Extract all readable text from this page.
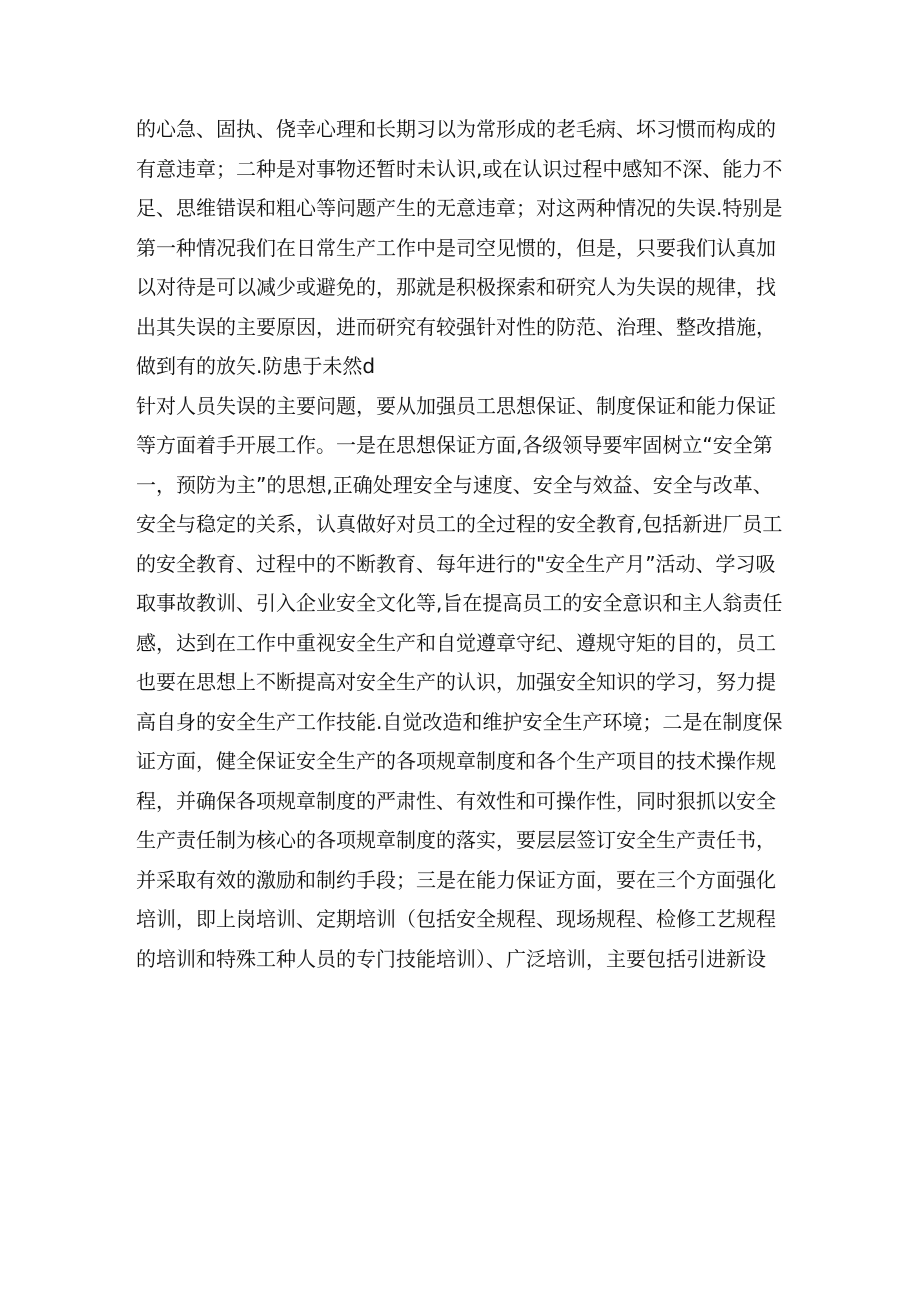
的心急、固执、侥幸心理和长期习以为常形成的老毛病、坏习惯而构成的
有意违章；二种是对事物还暂时未认识,或在认识过程中感知不深、能力不
足、思维错误和粗心等问题产生的无意违章；对这两种情况的失误.特别是
第一种情况我们在日常生产工作中是司空见惯的，但是，只要我们认真加
以对待是可以减少或避免的，那就是积极探索和研究人为失误的规律，找
出其失误的主要原因，进而研究有较强针对性的防范、治理、整改措施，
做到有的放矢.防患于未然d
针对人员失误的主要问题，要从加强员工思想保证、制度保证和能力保证
等方面着手开展工作。一是在思想保证方面,各级领导要牢固树立“安全第
一，预防为主”的思想,正确处理安全与速度、安全与效益、安全与改革、
安全与稳定的关系，认真做好对员工的全过程的安全教育,包括新进厂员工
的安全教育、过程中的不断教育、每年进行的"安全生产月”活动、学习吸
取事故教训、引入企业安全文化等,旨在提高员工的安全意识和主人翁责任
感，达到在工作中重视安全生产和自觉遵章守纪、遵规守矩的目的，员工
也要在思想上不断提高对安全生产的认识，加强安全知识的学习，努力提
高自身的安全生产工作技能.自觉改造和维护安全生产环境；二是在制度保
证方面，健全保证安全生产的各项规章制度和各个生产项目的技术操作规
程，并确保各项规章制度的严肃性、有效性和可操作性，同时狠抓以安全
生产责任制为核心的各项规章制度的落实，要层层签订安全生产责任书，
并采取有效的激励和制约手段；三是在能力保证方面，要在三个方面强化
培训，即上岗培训、定期培训（包括安全规程、现场规程、检修工艺规程
的培训和特殊工种人员的专门技能培训）、广泛培训，主要包括引进新设
